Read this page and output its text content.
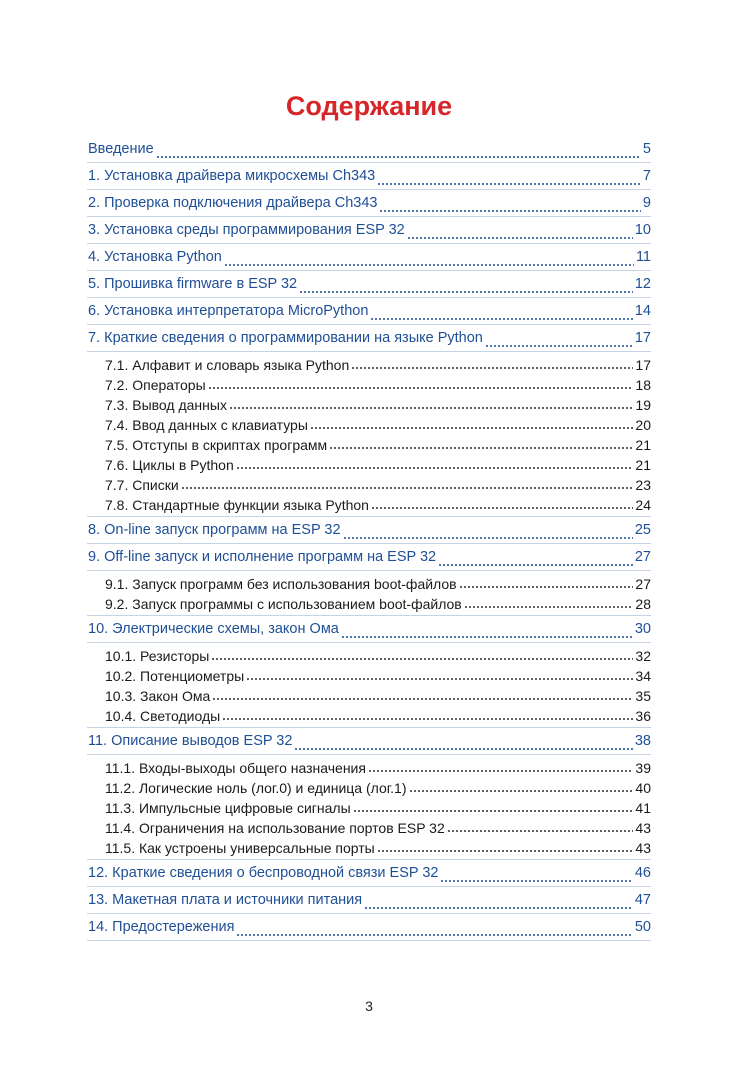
Содержание
Введение	5
1. Установка драйвера микросхемы Ch343	7
2. Проверка подключения драйвера Ch343	9
3. Установка среды программирования ESP 32	10
4. Установка Python	11
5. Прошивка firmware в ESP 32	12
6. Установка интерпретатора MicroPython	14
7. Краткие сведения о программировании на языке Python	17
7.1. Алфавит и словарь языка Python	17
7.2. Операторы	18
7.3. Вывод данных	19
7.4. Ввод данных с клавиатуры	20
7.5. Отступы в скриптах программ	21
7.6. Циклы в Python	21
7.7. Списки	23
7.8. Стандартные функции языка Python	24
8. On-line запуск программ на ESP 32	25
9. Off-line запуск и исполнение программ на ESP 32	27
9.1. Запуск программ без использования boot-файлов	27
9.2. Запуск программы с использованием boot-файлов	28
10. Электрические схемы, закон Ома	30
10.1. Резисторы	32
10.2. Потенциометры	34
10.3. Закон Ома	35
10.4. Светодиоды	36
11. Описание выводов ESP 32	38
11.1. Входы-выходы общего назначения	39
11.2. Логические ноль (лог.0) и единица (лог.1)	40
11.3. Импульсные цифровые сигналы	41
11.4. Ограничения на использование портов ESP 32	43
11.5. Как устроены универсальные порты	43
12. Краткие сведения о беспроводной связи ESP 32	46
13. Макетная плата и источники питания	47
14. Предостережения	50
3
